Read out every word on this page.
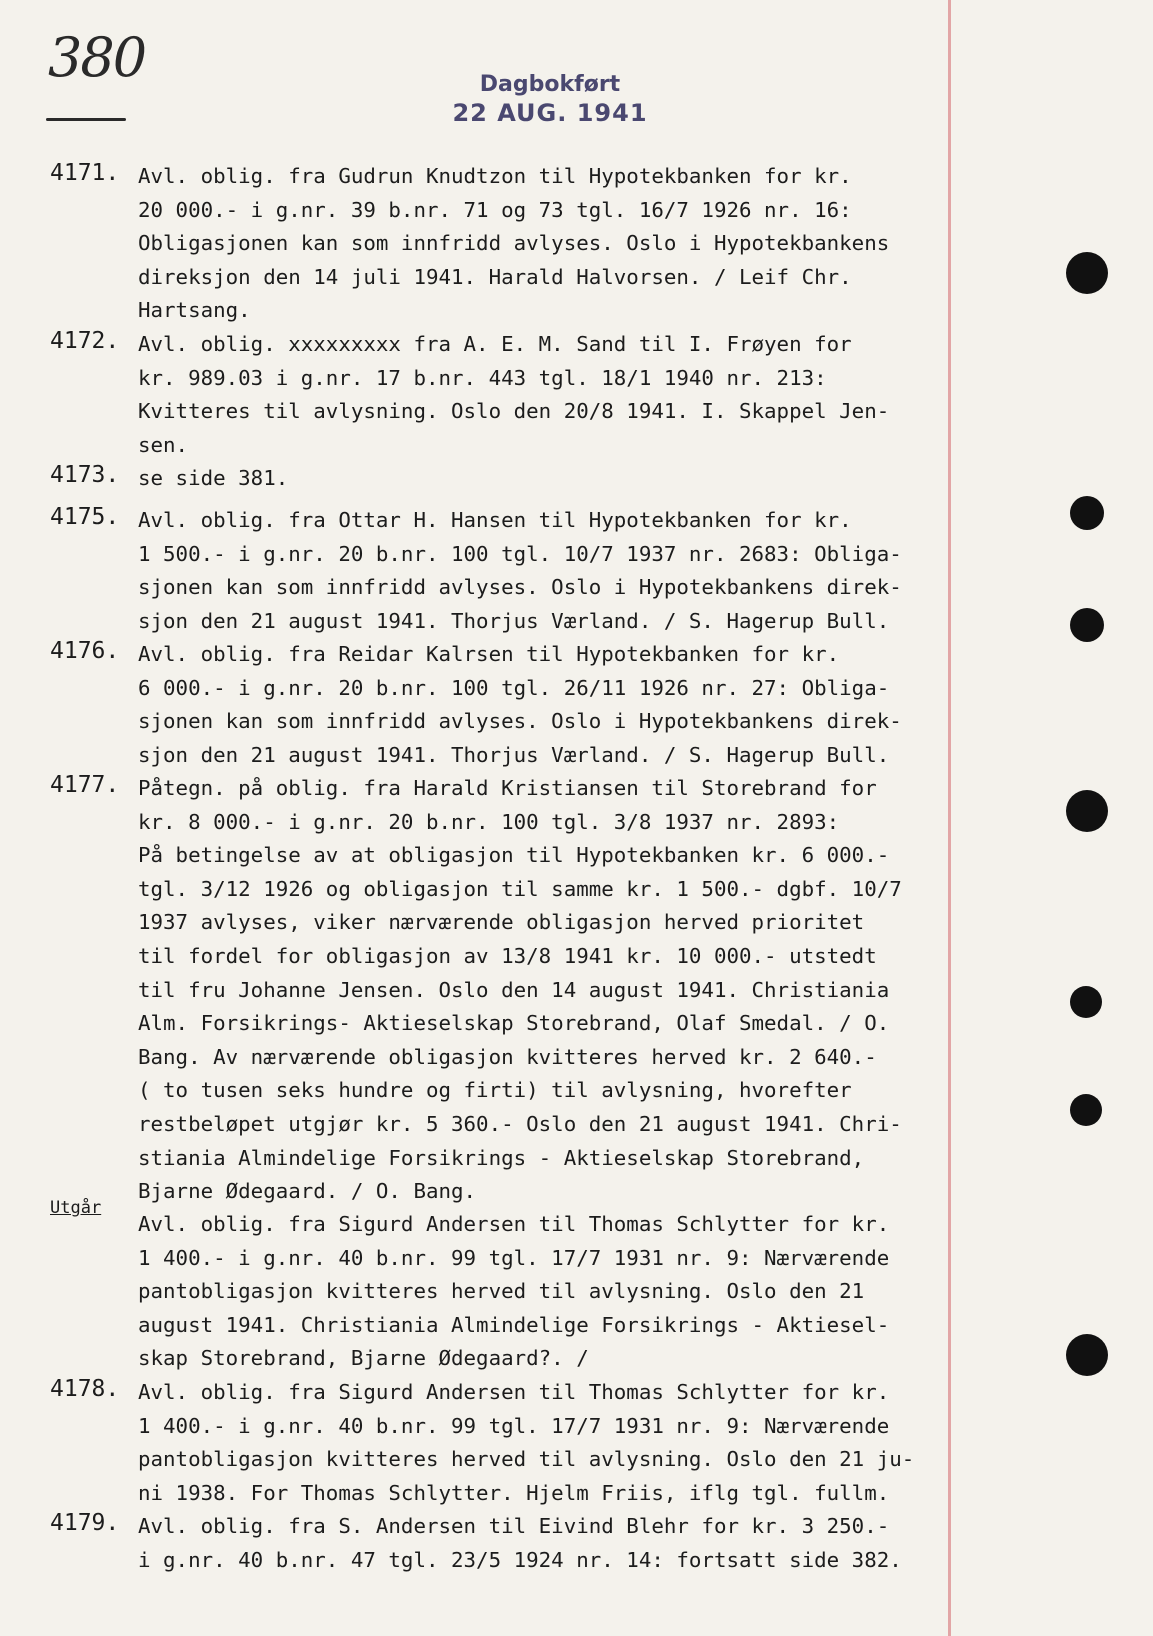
380	Dagbokført
22 AUG. 1941
4171. Avl. oblig. fra Gudrun Knudtzon til Hypotekbanken for kr.
20 000.- i g.nr. 39 b.nr. 71 og 73 tgl. 16/7 1926 nr. 16:
Obligasjonen kan som innfridd avlyses. Oslo i Hypotekbankens
direksjon den 14 juli 1941. Harald Halvorsen. / Leif Chr.
Hartsang.
4172. Avl. oblig. xxxxxxxxx fra A. E. M. Sand til I. Frøyen for
kr. 989.03 i g.nr. 17 b.nr. 443 tgl. 18/1 1940 nr. 213:
Kvitteres til avlysning. Oslo den 20/8 1941. I. Skappel Jen-
sen.
4173. se side 381.
4175. Avl. oblig. fra Ottar H. Hansen til Hypotekbanken for kr.
1 500.- i g.nr. 20 b.nr. 100 tgl. 10/7 1937 nr. 2683: Obliga-
sjonen kan som innfridd avlyses. Oslo i Hypotekbankens direk-
sjon den 21 august 1941. Thorjus Værland. / S. Hagerup Bull.
4176. Avl. oblig. fra Reidar Kalrsen til Hypotekbanken for kr.
6 000.- i g.nr. 20 b.nr. 100 tgl. 26/11 1926 nr. 27: Obliga-
sjonen kan som innfridd avlyses. Oslo i Hypotekbankens direk-
sjon den 21 august 1941. Thorjus Værland. / S. Hagerup Bull.
4177. Påtegn. på oblig. fra Harald Kristiansen til Storebrand for
kr. 8 000.- i g.nr. 20 b.nr. 100 tgl. 3/8 1937 nr. 2893:
På betingelse av at obligasjon til Hypotekbanken kr. 6 000.-
tgl. 3/12 1926 og obligasjon til samme kr. 1 500.- dgbf. 10/7
1937 avlyses, viker nærværende obligasjon herved prioritet
til fordel for obligasjon av 13/8 1941 kr. 10 000.- utstedt
til fru Johanne Jensen. Oslo den 14 august 1941. Christiania
Alm. Forsikrings- Aktieselskap Storebrand, Olaf Smedal. / O.
Bang. Av nærværende obligasjon kvitteres herved kr. 2 640.-
( to tusen seks hundre og firti) til avlysning, hvorefter
restbeløpet utgjør kr. 5 360.- Oslo den 21 august 1941. Chri-
stiania Almindelige Forsikrings - Aktieselskap Storebrand,
Bjarne Ødegaard. / O. Bang.
Utgår
Avl. oblig. fra Sigurd Andersen til Thomas Schlytter for kr.
1 400.- i g.nr. 40 b.nr. 99 tgl. 17/7 1931 nr. 9: Nærværende
pantobligasjon kvitteres herved til avlysning. Oslo den 21
august 1941. Christiania Almindelige Forsikrings - Aktiesel-
skap Storebrand, Bjarne Ødegaard?. /
4178. Avl. oblig. fra Sigurd Andersen til Thomas Schlytter for kr.
1 400.- i g.nr. 40 b.nr. 99 tgl. 17/7 1931 nr. 9: Nærværende
pantobligasjon kvitteres herved til avlysning. Oslo den 21 ju-
ni 1938. For Thomas Schlytter. Hjelm Friis, iflg tgl. fullm.
4179. Avl. oblig. fra S. Andersen til Eivind Blehr for kr. 3 250.-
i g.nr. 40 b.nr. 47 tgl. 23/5 1924 nr. 14: fortsatt side 382.
